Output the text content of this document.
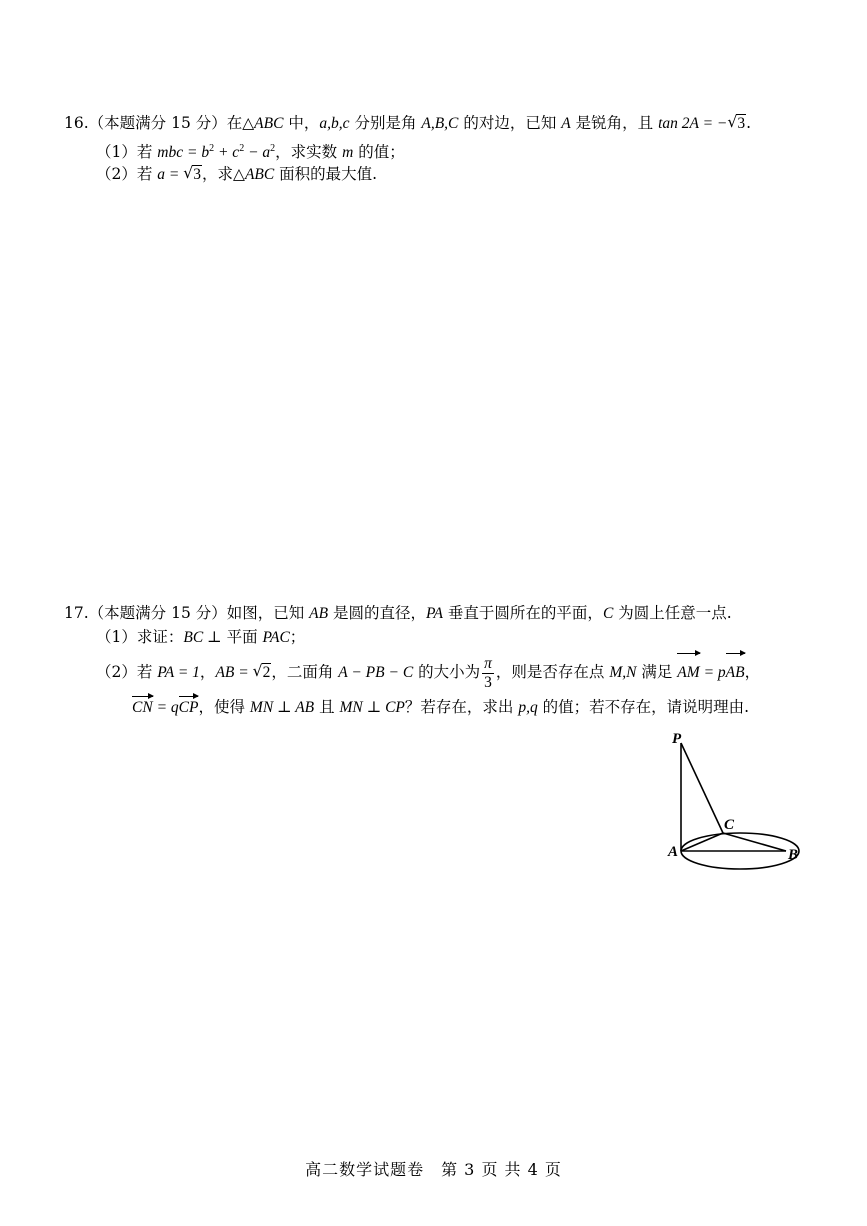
16.（本题满分 15 分）在△ABC 中，a,b,c 分别是角 A,B,C 的对边，已知 A 是锐角，且 tan 2A = −√ 3.
（1）若 mbc = $b^2 + c^2 - a^2$，求实数 m 的值；
（2）若 a = √ 3，求△ABC 面积的最大值.
17.（本题满分 15 分）如图，已知 AB 是圆的直径，PA 垂直于圆所在的平面，C 为圆上任意一点.
（1）求证：BC ⊥ 平面 PAC；
（2）若 PA = 1，AB = √ 2，二面角 A − PB − C 的大小为 $\frac{\pi}{3}$ ，则是否存在点 M,N 满足 AM = pAB，
CN = qCP，使得 MN ⊥ AB 且 MN ⊥ CP？若存在，求出 p,q 的值；若不存在，请说明理由.
P
A	B
C
高二数学试题卷　第 3 页 共 4 页
